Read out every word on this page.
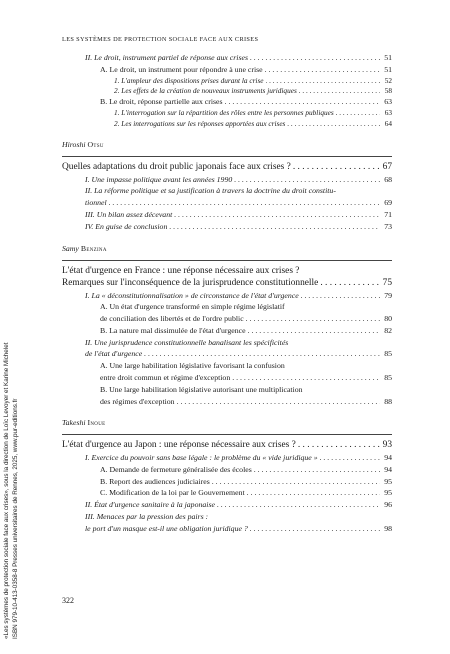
LES SYSTÈMES DE PROTECTION SOCIALE FACE AUX CRISES
«Les systèmes de protection sociale face aux crises», sous la direction de Loïc Levoyer et Karine Michelet ISBN 979-10-413-0358-8 Presses universitaires de Rennes, 2025, www.pur-editions.fr
II. Le droit, instrument partiel de réponse aux crises . . .	51
A. Le droit, un instrument pour répondre à une crise . . .	51
1. L'ampleur des dispositions prises durant la crise . . .	52
2. Les effets de la création de nouveaux instruments juridiques . . .	58
B. Le droit, réponse partielle aux crises . . .	63
1. L'interrogation sur la répartition des rôles entre les personnes publiques . . .	63
2. Les interrogations sur les réponses apportées aux crises . . .	64
Hiroshi Otsu
Quelles adaptations du droit public japonais face aux crises ? . . .	67
I. Une impasse politique avant les années 1990 . . .	68
II. La réforme politique et sa justification à travers la doctrine du droit constitu-
tionnel . . .	69
III. Un bilan assez décevant . . .	71
IV. En guise de conclusion . . .	73
Samy Benzina
L'état d'urgence en France : une réponse nécessaire aux crises ?
Remarques sur l'inconséquence de la jurisprudence constitutionnelle . . .	75
I. La « déconstitutionnalisation » de circonstance de l'état d'urgence . . .	79
A. Un état d'urgence transformé en simple régime législatif
de conciliation des libertés et de l'ordre public . . .	80
B. La nature mal dissimulée de l'état d'urgence . . .	82
II. Une jurisprudence constitutionnelle banalisant les spécificités
de l'état d'urgence . . .	85
A. Une large habilitation législative favorisant la confusion
entre droit commun et régime d'exception . . .	85
B. Une large habilitation législative autorisant une multiplication
des régimes d'exception . . .	88
Takeshi Inoue
L'état d'urgence au Japon : une réponse nécessaire aux crises ? . . .	93
I. Exercice du pouvoir sans base légale : le problème du « vide juridique » . . .	94
A. Demande de fermeture généralisée des écoles . . .	94
B. Report des audiences judiciaires . . .	95
C. Modification de la loi par le Gouvernement . . .	95
II. État d'urgence sanitaire à la japonaise . . .	96
III. Menaces par la pression des pairs :
le port d'un masque est-il une obligation juridique ? . . .	98
322
